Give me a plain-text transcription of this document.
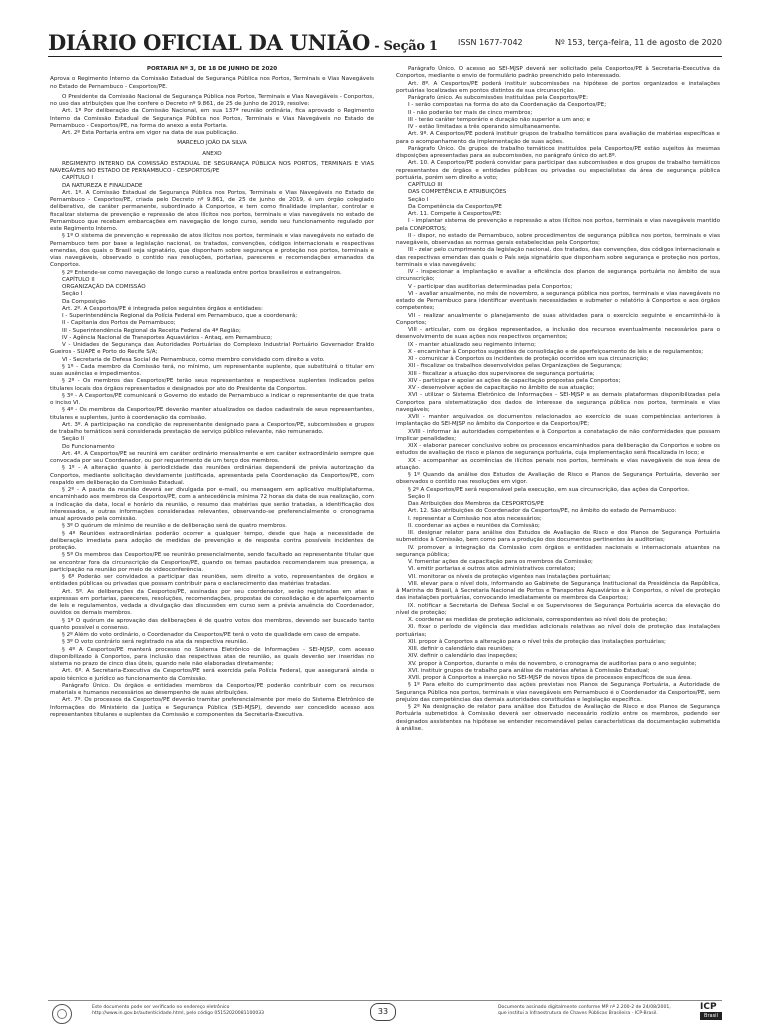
DIÁRIO OFICIAL DA UNIÃO - Seção 1	ISSN 1677-7042	Nº 153, terça-feira, 11 de agosto de 2020

PORTARIA Nº 3, DE 18 DE JUNHO DE 2020

Aprova o Regimento Interno da Comissão Estadual de Segurança Pública nos Portos, Terminais e Vias Navegáveis no Estado de Pernambuco - Cesportos/PE.

O Presidente da Comissão Nacional de Segurança Pública nos Portos, Terminais e Vias Navegáveis - Conportos, no uso das atribuições que lhe confere o Decreto nº 9.861, de 25 de junho de 2019, resolve:

Art. 1º Por deliberação da Comissão Nacional, em sua 137ª reunião ordinária, fica aprovado o Regimento Interno da Comissão Estadual de Segurança Pública nos Portos, Terminais e Vias Navegáveis no Estado de Pernambuco - Cesportos/PE, na forma do anexo a esta Portaria.

Art. 2º Esta Portaria entra em vigor na data de sua publicação.

MARCELO JOÃO DA SILVA

ANEXO

REGIMENTO INTERNO DA COMISSÃO ESTADUAL DE SEGURANÇA PÚBLICA NOS PORTOS, TERMINAIS E VIAS NAVEGÁVEIS NO ESTADO DE PERNAMBUCO - CESPORTOS/PE

CAPÍTULO I

DA NATUREZA E FINALIDADE

Art. 1º. A Comissão Estadual de Segurança Pública nos Portos, Terminais e Vias Navegáveis no Estado de Pernambuco - Cesportos/PE, criada pelo Decreto nº 9.861, de 25 de junho de 2019, é um órgão colegiado deliberativo, de caráter permanente, subordinado à Conportos, e tem como finalidade implantar, controlar e fiscalizar sistema de prevenção e repressão de atos ilícitos nos portos, terminais e vias navegáveis no estado de Pernambuco que recebam embarcações em navegação de longo curso, sendo seu funcionamento regulado por este Regimento Interno.

§ 1º O sistema de prevenção e repressão de atos ilícitos nos portos, terminais e vias navegáveis no estado de Pernambuco tem por base a legislação nacional, os tratados, convenções, códigos internacionais e respectivas emendas, dos quais o Brasil seja signatário, que disponham sobre segurança e proteção nos portos, terminais e vias navegáveis, observado o contido nas resoluções, portarias, pareceres e recomendações emanados da Conportos.

§ 2º Entende-se como navegação de longo curso a realizada entre portos brasileiros e estrangeiros.

CAPÍTULO II

ORGANIZAÇÃO DA COMISSÃO

Seção I

Da Composição

Art. 2º. A Cesportos/PE é integrada pelos seguintes órgãos e entidades:

I - Superintendência Regional da Polícia Federal em Pernambuco, que a coordenará;

II - Capitania dos Portos de Pernambuco;

III - Superintendência Regional da Receita Federal da 4ª Região;

IV - Agência Nacional de Transportes Aquaviários - Antaq, em Pernambuco;

V - Unidades de Segurança das Autoridades Portuárias do Complexo Industrial Portuário Governador Eraldo Gueiros - SUAPE e Porto do Recife S/A;

VI - Secretaria de Defesa Social de Pernambuco, como membro convidado com direito a voto.

§ 1º - Cada membro da Comissão terá, no mínimo, um representante suplente, que substituirá o titular em suas ausências e impedimentos.

§ 2º - Os membros das Cesportos/PE terão seus representantes e respectivos suplentes indicados pelos titulares locais dos órgãos representados e designados por ato do Presidente da Conportos.

§ 3º - A Cesportos/PE comunicará o Governo do estado de Pernambuco a indicar o representante de que trata o inciso VI.

§ 4º - Os membros da Cesportos/PE deverão manter atualizados os dados cadastrais de seus representantes, titulares e suplentes, junto à coordenação da comissão.

Art. 3º. A participação na condição de representante designado para a Cesportos/PE, subcomissões e grupos de trabalho temáticos será considerada prestação de serviço público relevante, não remunerado.

Seção II

Do Funcionamento

Art. 4º. A Cesportos/PE se reunirá em caráter ordinário mensalmente e em caráter extraordinário sempre que convocada por seu Coordenador, ou por requerimento de um terço dos membros.

§ 1º - A alteração quanto à periodicidade das reuniões ordinárias dependerá de prévia autorização da Conportos, mediante solicitação devidamente justificada, apresentada pela Coordenação da Cesportos/PE, com respaldo em deliberação da Comissão Estadual.

§ 2º - A pauta da reunião deverá ser divulgada por e-mail, ou mensagem em aplicativo multiplataforma, encaminhado aos membros da Cesportos/PE, com a antecedência mínima 72 horas da data de sua realização, com a indicação da data, local e horário da reunião, o resumo das matérias que serão tratadas, a identificação dos interessados, e outras informações consideradas relevantes, observando-se preferencialmente o cronograma anual aprovado pela comissão.

§ 3º O quórum de mínimo de reunião e de deliberação será de quatro membros.

§ 4º Reuniões extraordinárias poderão ocorrer a qualquer tempo, desde que haja a necessidade de deliberação imediata para adoção de medidas de prevenção e de resposta contra possíveis incidentes de proteção.

§ 5º Os membros das Cesportos/PE se reunirão presencialmente, sendo facultado ao representante titular que se encontrar fora da circunscrição da Cesportos/PE, quando os temas pautados recomendarem sua presença, a participação na reunião por meio de videoconferência.

§ 6º Poderão ser convidados a participar das reuniões, sem direito a voto, representantes de órgãos e entidades públicas ou privadas que possam contribuir para o esclarecimento das matérias tratadas.

Art. 5º. As deliberações da Cesportos/PE, assinadas por seu coordenador, serão registradas em atas e expressas em portarias, pareceres, resoluções, recomendações, propostas de consolidação e de aperfeiçoamento de leis e regulamentos, vedada a divulgação das discussões em curso sem a prévia anuência do Coordenador, ouvidos os demais membros.

§ 1º O quórum de aprovação das deliberações é de quatro votos dos membros, devendo ser buscado tanto quanto possível o consenso.

§ 2º Além do voto ordinário, o Coordenador da Cesportos/PE terá o voto de qualidade em caso de empate.

§ 3º O voto contrário será registrado na ata da respectiva reunião.

§ 4º A Cesportos/PE manterá processo no Sistema Eletrônico de Informações - SEI-MJSP, com acesso disponibilizado à Conportos, para inclusão das respectivas atas de reunião, as quais deverão ser inseridas no sistema no prazo de cinco dias úteis, quando nele não elaboradas diretamente;

Art. 6º. A Secretaria-Executiva da Cesportos/PE será exercida pela Polícia Federal, que assegurará ainda o apoio técnico e jurídico ao funcionamento da Comissão.

Parágrafo Único. Os órgãos e entidades membros da Cesportos/PE poderão contribuir com os recursos materiais e humanos necessários ao desempenho de suas atribuições.

Art. 7º. Os processos da Cesportos/PE deverão tramitar preferencialmente por meio do Sistema Eletrônico de Informações do Ministério da Justiça e Segurança Pública (SEI-MJSP), devendo ser concedido acesso aos representantes titulares e suplentes da Comissão e componentes da Secretaria-Executiva.

Parágrafo Único. O acesso ao SEI-MJSP deverá ser solicitado pela Cesportos/PE à Secretaria-Executiva da Conportos, mediante o envio de formulário padrão preenchido pelo interessado.

Art. 8º. A Cesportos/PE poderá instituir subcomissões na hipótese de portos organizados e instalações portuárias localizadas em pontos distintos de sua circunscrição.

Parágrafo único. As subcomissões instituídas pela Cesportos/PE:

I - serão compostas na forma do ato da Coordenação da Cesportos/PE;

II - não poderão ter mais de cinco membros;

III - terão caráter temporário e duração não superior a um ano; e

IV - estão limitadas a três operando simultaneamente.

Art. 9º. A Cesportos/PE poderá instituir grupos de trabalho temáticos para avaliação de matérias específicas e para o acompanhamento da implementação de suas ações.

Parágrafo Único. Os grupos de trabalho temáticos instituídos pela Cesportos/PE estão sujeitos às mesmas disposições apresentadas para as subcomissões, no parágrafo único do art.8º.

Art. 10. A Cesportos/PE poderá convidar para participar das subcomissões e dos grupos de trabalho temáticos representantes de órgãos e entidades públicas ou privadas ou especialistas da área de segurança pública portuária, porém sem direito a voto;

CAPÍTULO III

DAS COMPETÊNCIA E ATRIBUIÇÕES

Seção I

Da Competência da Cesportos/PE

Art. 11. Compete à Cesportos/PE:

I - implantar sistema de prevenção e repressão a atos ilícitos nos portos, terminais e vias navegáveis mantido pela CONPORTOS;

II - dispor, no estado de Pernambuco, sobre procedimentos de segurança pública nos portos, terminais e vias navegáveis, observadas as normas gerais estabelecidas pela Conportos;

III - zelar pelo cumprimento da legislação nacional, dos tratados, das convenções, dos códigos internacionais e das respectivas emendas das quais o País seja signatário que disponham sobre segurança e proteção nos portos, terminais e vias navegáveis;

IV - inspecionar a implantação e avaliar a eficiência dos planos de segurança portuária no âmbito de sua circunscrição;

V - participar das auditorias determinadas pela Conportos;

VI - avaliar anualmente, no mês de novembro, a segurança pública nos portos, terminais e vias navegáveis no estado de Pernambuco para identificar eventuais necessidades e submeter o relatório à Conportos e aos órgãos competentes;

VII - realizar anualmente o planejamento de suas atividades para o exercício seguinte e encaminhá-lo à Conportos;

VIII - articular, com os órgãos representados, a inclusão dos recursos eventualmente necessários para o desenvolvimento de suas ações nos respectivos orçamentos;

IX - manter atualizado seu regimento interno;

X - encaminhar à Conportos sugestões de consolidação e de aperfeiçoamento de leis e de regulamentos;

XI - comunicar à Conportos os incidentes de proteção ocorridos em sua circunscrição;

XII - fiscalizar os trabalhos desenvolvidos pelas Organizações de Segurança;

XIII - fiscalizar a atuação dos supervisores de segurança portuária;

XIV - participar e apoiar as ações de capacitação propostas pela Conportos;

XV - desenvolver ações de capacitação no âmbito de sua atuação;

XVI - utilizar o Sistema Eletrônico de Informações - SEI-MJSP e as demais plataformas disponibilizadas pela Conportos para sistematização dos dados de interesse da segurança pública nos portos, terminais e vias navegáveis;

XVII - manter arquivados os documentos relacionados ao exercício de suas competências anteriores à implantação do SEI-MJSP no âmbito da Conportos e da Cesportos/PE;

XVIII - informar às autoridades competentes e à Conportos a constatação de não conformidades que possam implicar penalidades;

XIX - elaborar parecer conclusivo sobre os processos encaminhados para deliberação da Conportos e sobre os estudos de avaliação de risco e planos de segurança portuária, cuja implementação será fiscalizada in loco; e

XX - acompanhar as ocorrências de ilícitos penais nos portos, terminais e vias navegáveis de sua área de atuação.

§ 1º Quando da análise dos Estudos de Avaliação de Risco e Planos de Segurança Portuária, deverão ser observados o contido nas resoluções em vigor.

§ 2º A Cesportos/PE será responsável pela execução, em sua circunscrição, das ações da Conportos.

Seção II

Das Atribuições dos Membros da CESPORTOS/PE

Art. 12. São atribuições do Coordenador da Cesportos/PE, no âmbito do estado de Pernambuco:

I. representar a Comissão nos atos necessários;

II. coordenar as ações e reuniões da Comissão;

III. designar relator para análise dos Estudos de Avaliação de Risco e dos Planos de Segurança Portuária submetidos à Comissão, bem como para a produção dos documentos pertinentes às auditorias;

IV. promover a integração da Comissão com órgãos e entidades nacionais e internacionais atuantes na segurança pública;

V. fomentar ações de capacitação para os membros da Comissão;

VI. emitir portarias e outros atos administrativos correlatos;

VII. monitorar os níveis de proteção vigentes nas instalações portuárias;

VIII. elevar para o nível dois, informando ao Gabinete de Segurança Institucional da Presidência da República, à Marinha do Brasil, à Secretaria Nacional de Portos e Transportes Aquaviários e à Conportos, o nível de proteção das instalações portuárias, convocando imediatamente os membros da Cesportos;

IX. notificar a Secretaria de Defesa Social e os Supervisores de Segurança Portuária acerca da elevação do nível de proteção;

X. coordenar as medidas de proteção adicionais, correspondentes ao nível dois de proteção;

XI. fixar o período de vigência das medidas adicionais relativas ao nível dois de proteção das instalações portuárias;

XII. propor à Conportos a alteração para o nível três de proteção das instalações portuárias;

XIII. definir o calendário das reuniões;

XIV. definir o calendário das inspeções;

XV. propor à Conportos, durante o mês de novembro, o cronograma de auditorias para o ano seguinte;

XVI. instituir grupos de trabalho para análise de matérias afetas à Comissão Estadual;

XVII. propor à Conportos a inserção no SEI-MJSP de novos tipos de processos específicos de sua área.

§ 1º Para efeito do cumprimento das ações previstas nos Planos de Segurança Portuária, a Autoridade de Segurança Pública nos portos, terminais e vias navegáveis em Pernambuco é o Coordenador da Cesportos/PE, sem prejuízo das competências das demais autoridades constituídas e legislação específica.

§ 2º Na designação de relator para análise dos Estudos de Avaliação de Risco e dos Planos de Segurança Portuária submetidos à Comissão deverá ser observado necessário rodízio entre os membros, podendo ser designados assistentes na hipótese se entender recomendável pelas características da documentação submetida à análise.

Este documento pode ser verificado no endereço eletrônico
http://www.in.gov.br/autenticidade.html, pelo código 05152020081100033	33	Documento assinado digitalmente conforme MP nº 2.200-2 de 24/08/2001,
que institui a Infraestrutura de Chaves Públicas Brasileira - ICP-Brasil.
ICP
Brasil
